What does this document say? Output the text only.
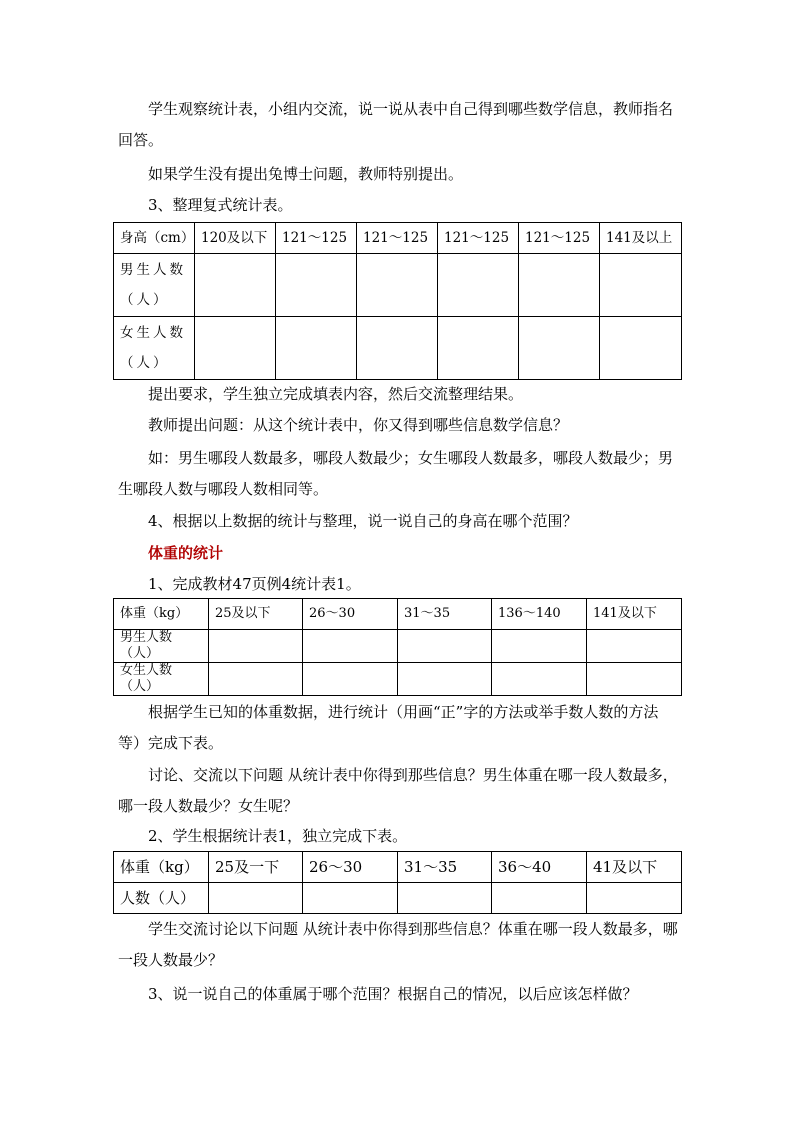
学生观察统计表，小组内交流，说一说从表中自己得到哪些数学信息，教师指名回答。

如果学生没有提出兔博士问题，教师特别提出。

3、整理复式统计表。

身高（cm）	120及以下	121～125	121～125	121～125	121～125	141及以上
男生人数
（人）						
女生人数
（人）						

提出要求，学生独立完成填表内容，然后交流整理结果。

教师提出问题：从这个统计表中，你又得到哪些信息数学信息？

如：男生哪段人数最多，哪段人数最少；女生哪段人数最多，哪段人数最少；男生哪段人数与哪段人数相同等。

4、根据以上数据的统计与整理，说一说自己的身高在哪个范围？

体重的统计

1、完成教材47页例4统计表1。

体重（kg）	25及以下	26～30	31～35	136～140	141及以下
男生人数（人）					
女生人数（人）					

根据学生已知的体重数据，进行统计（用画“正”字的方法或举手数人数的方法等）完成下表。

讨论、交流以下问题 从统计表中你得到那些信息？男生体重在哪一段人数最多，哪一段人数最少？女生呢？

2、学生根据统计表1，独立完成下表。

体重（kg）	25及一下	26～30	31～35	36～40	41及以下
人数（人）					

学生交流讨论以下问题 从统计表中你得到那些信息？体重在哪一段人数最多，哪一段人数最少？

3、说一说自己的体重属于哪个范围？根据自己的情况，以后应该怎样做？
